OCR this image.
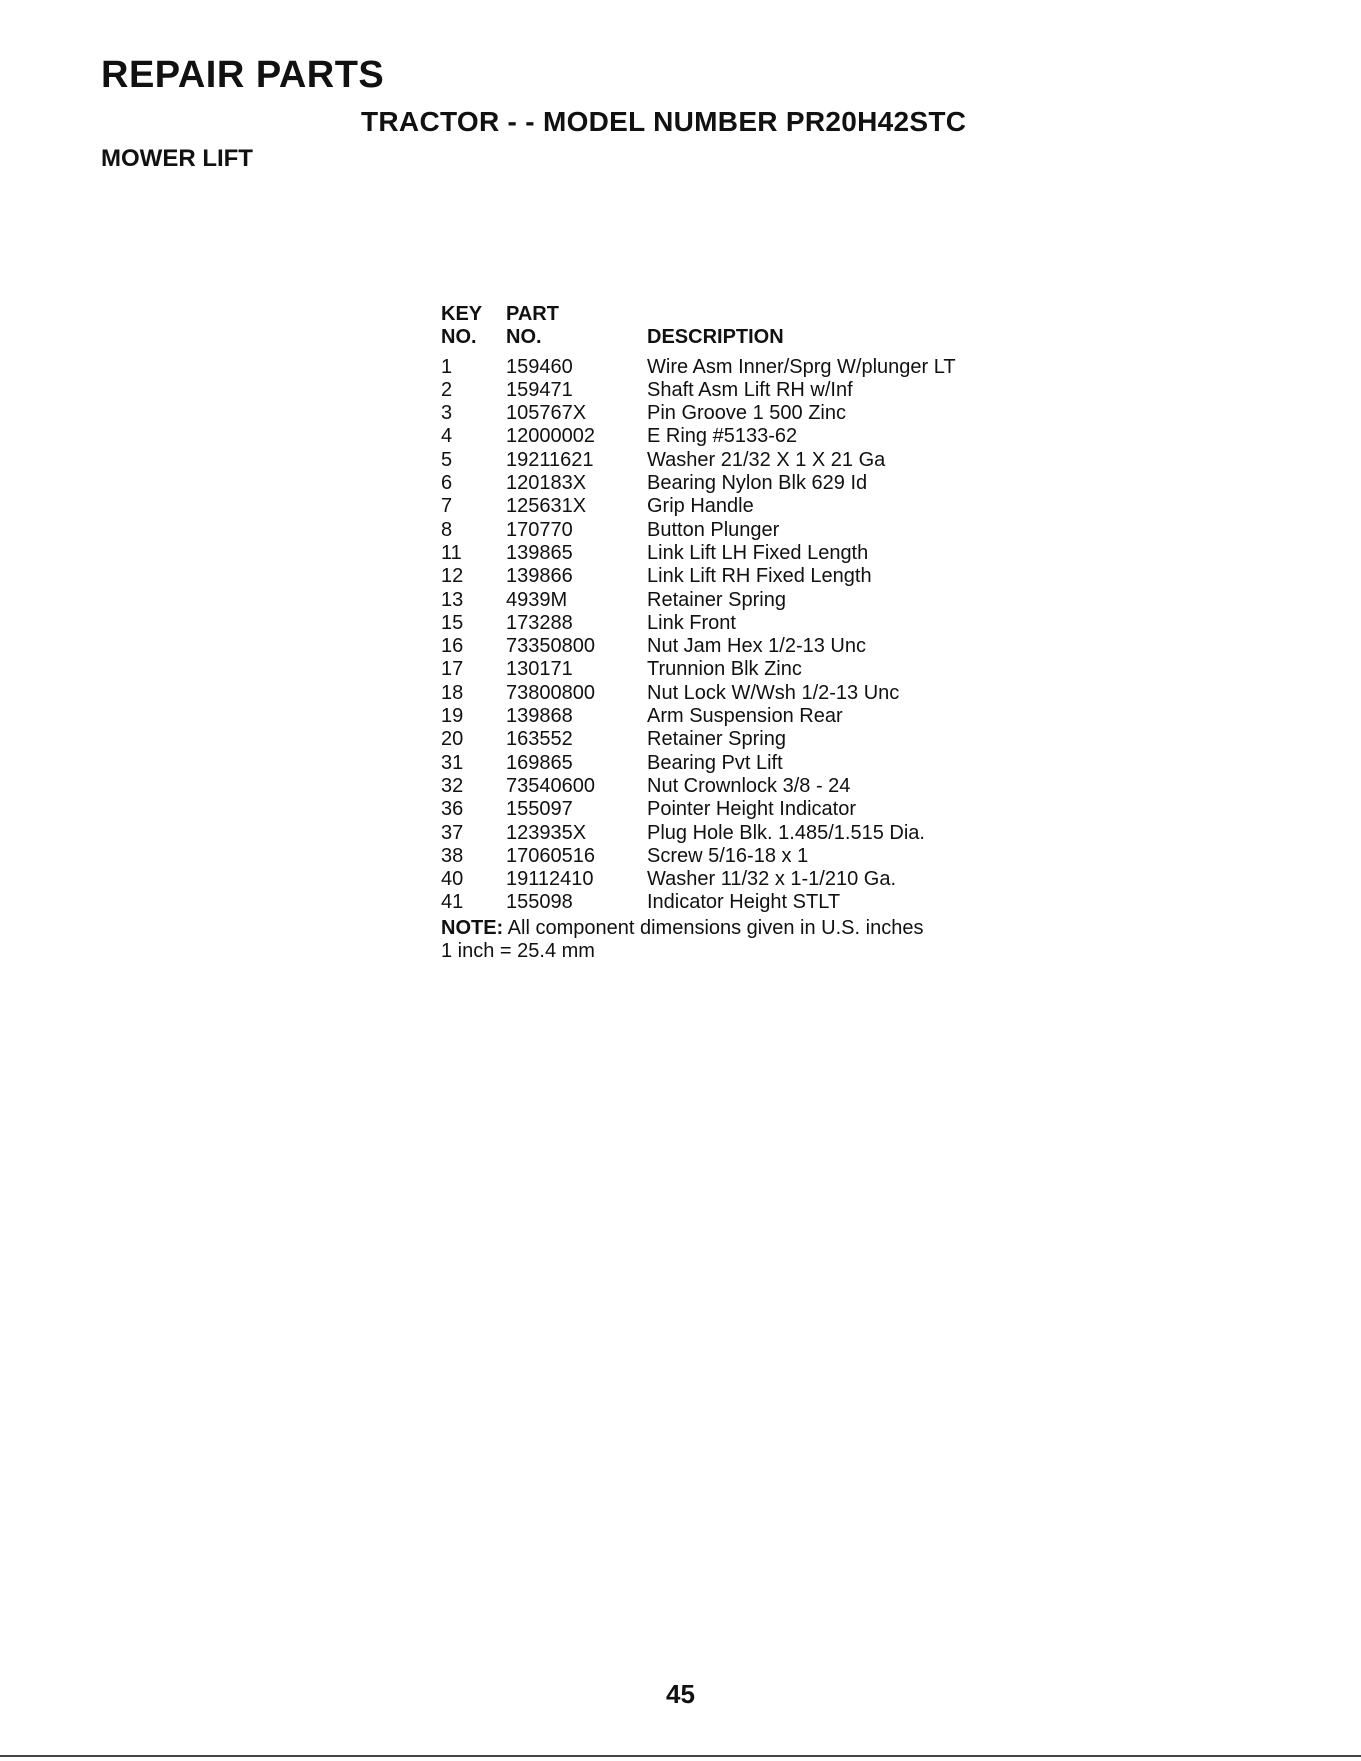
REPAIR PARTS
TRACTOR - - MODEL NUMBER PR20H42STC
MOWER LIFT
KEY PART
NO. NO.	DESCRIPTION
1	159460	Wire Asm Inner/Sprg W/plunger LT
2	159471	Shaft Asm Lift RH w/Inf
3	105767X	Pin Groove 1 500 Zinc
4	12000002	E Ring #5133-62
5	19211621	Washer 21/32 X 1 X 21 Ga
6	120183X	Bearing Nylon Blk 629 Id
7	125631X	Grip Handle
8	170770	Button Plunger
11 139865	Link Lift LH Fixed Length
12 139866	Link Lift RH Fixed Length
13 4939M	Retainer Spring
15 173288	Link Front
16 73350800	Nut Jam Hex 1/2-13 Unc
17 130171	Trunnion Blk Zinc
18 73800800	Nut Lock W/Wsh 1/2-13 Unc
19 139868	Arm Suspension Rear
20 163552	Retainer Spring
31 169865	Bearing Pvt Lift
32 73540600	Nut Crownlock 3/8 - 24
36 155097	Pointer Height Indicator
37 123935X	Plug Hole Blk. 1.485/1.515 Dia.
38 17060516	Screw 5/16-18 x 1
40 19112410	Washer 11/32 x 1-1/210 Ga.
41 155098	Indicator Height STLT
NOTE: All component dimensions given in U.S. inches
1 inch = 25.4 mm
45
